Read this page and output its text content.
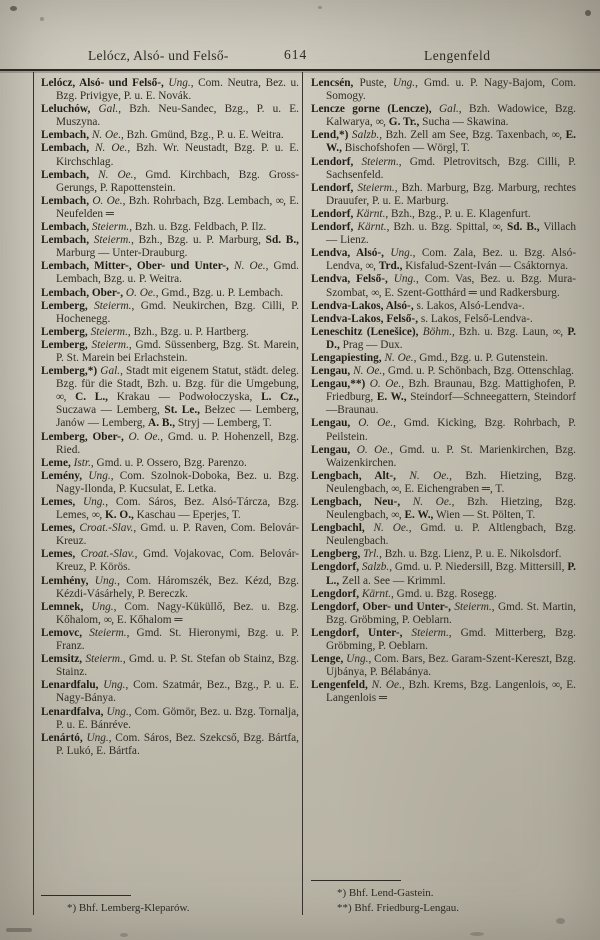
Lelócz, Alsó- und Felső-	614	Lengenfeld

Lelócz, Alsó- und Felső-, Ung., Com. Neutra, Bez. u. Bzg. Privigye, P. u. E. Novák.

Leluchów, Gal., Bzh. Neu-Sandec, Bzg., P. u. E. Muszyna.

Lembach, N. Oe., Bzh. Gmünd, Bzg., P. u. E. Weitra.

Lembach, N. Oe., Bzh. Wr. Neustadt, Bzg. P. u. E. Kirchschlag.

Lembach, N. Oe., Gmd. Kirchbach, Bzg. Gross-Gerungs, P. Rapottenstein.

Lembach, O. Oe., Bzh. Rohrbach, Bzg. Lembach, ∞, E. Neufelden ═

Lembach, Steierm., Bzh. u. Bzg. Feldbach, P. Ilz.

Lembach, Steierm., Bzh., Bzg. u. P. Marburg, Sd. B., Marburg — Unter-Drauburg.

Lembach, Mitter-, Ober- und Unter-, N. Oe., Gmd. Lembach, Bzg. u. P. Weitra.

Lembach, Ober-, O. Oe., Gmd., Bzg. u. P. Lembach.

Lemberg, Steierm., Gmd. Neukirchen, Bzg. Cilli, P. Hochenegg.

Lemberg, Steierm., Bzh., Bzg. u. P. Hartberg.

Lemberg, Steierm., Gmd. Süssenberg, Bzg. St. Marein, P. St. Marein bei Erlachstein.

Lemberg,*) Gal., Stadt mit eigenem Statut, städt. deleg. Bzg. für die Stadt, Bzh. u. Bzg. für die Umgebung, ∞, C. L., Krakau — Podwołoczyska, L. Cz., Suczawa — Lemberg, St. Le., Bełzec — Lemberg, Janów — Lemberg, A. B., Stryj — Lemberg, T.

Lemberg, Ober-, O. Oe., Gmd. u. P. Hohenzell, Bzg. Ried.

Leme, Istr., Gmd. u. P. Ossero, Bzg. Parenzo.

Lemény, Ung., Com. Szolnok-Doboka, Bez. u. Bzg. Nagy-Ilonda, P. Kucsulat, E. Letka.

Lemes, Ung., Com. Sáros, Bez. Alsó-Tárcza, Bzg. Lemes, ∞, K. O., Kaschau — Eperjes, T.

Lemes, Croat.-Slav., Gmd. u. P. Raven, Com. Belovár-Kreuz.

Lemes, Croat.-Slav., Gmd. Vojakovac, Com. Belovár-Kreuz, P. Körös.

Lemhény, Ung., Com. Háromszék, Bez. Kézd, Bzg. Kézdi-Vásárhely, P. Bereczk.

Lemnek, Ung., Com. Nagy-Küküllő, Bez. u. Bzg. Kőhalom, ∞, E. Kőhalom ═

Lemovc, Steierm., Gmd. St. Hieronymi, Bzg. u. P. Franz.

Lemsitz, Steierm., Gmd. u. P. St. Stefan ob Stainz, Bzg. Stainz.

Lenardfalu, Ung., Com. Szatmár, Bez., Bzg., P. u. E. Nagy-Bánya.

Lenardfalva, Ung., Com. Gömör, Bez. u. Bzg. Tornalja, P. u. E. Bánréve.

Lenártó, Ung., Com. Sáros, Bez. Szekcső, Bzg. Bártfa, P. Lukó, E. Bártfa.

*) Bhf. Lemberg-Kleparów.

Lencsén, Puste, Ung., Gmd. u. P. Nagy-Bajom, Com. Somogy.

Lencze gorne (Lencze), Gal., Bzh. Wadowice, Bzg. Kalwarya, ∞, G. Tr., Sucha — Skawina.

Lend,*) Salzb., Bzh. Zell am See, Bzg. Taxenbach, ∞, E. W., Bischofshofen — Wörgl, T.

Lendorf, Steierm., Gmd. Pletrovitsch, Bzg. Cilli, P. Sachsenfeld.

Lendorf, Steierm., Bzh. Marburg, Bzg. Marburg, rechtes Drauufer, P. u. E. Marburg.

Lendorf, Kärnt., Bzh., Bzg., P. u. E. Klagenfurt.

Lendorf, Kärnt., Bzh. u. Bzg. Spittal, ∞, Sd. B., Villach — Lienz.

Lendva, Alsó-, Ung., Com. Zala, Bez. u. Bzg. Alsó-Lendva, ∞, Trd., Kisfalud-Szent-Iván — Csáktornya.

Lendva, Felső-, Ung., Com. Vas, Bez. u. Bzg. Mura-Szombat, ∞, E. Szent-Gotthárd ═ und Radkersburg.

Lendva-Lakos, Alsó-, s. Lakos, Alsó-Lendva-.

Lendva-Lakos, Felső-, s. Lakos, Felső-Lendva-.

Leneschitz (Lenešice), Böhm., Bzh. u. Bzg. Laun, ∞, P. D., Prag — Dux.

Lengapiesting, N. Oe., Gmd., Bzg. u. P. Gutenstein.

Lengau, N. Oe., Gmd. u. P. Schönbach, Bzg. Ottenschlag.

Lengau,**) O. Oe., Bzh. Braunau, Bzg. Mattighofen, P. Friedburg, E. W., Steindorf—Schneegattern, Steindorf—Braunau.

Lengau, O. Oe., Gmd. Kicking, Bzg. Rohrbach, P. Peilstein.

Lengau, O. Oe., Gmd. u. P. St. Marienkirchen, Bzg. Waizenkirchen.

Lengbach, Alt-, N. Oe., Bzh. Hietzing, Bzg. Neulengbach, ∞, E. Eichengraben ═, T.

Lengbach, Neu-, N. Oe., Bzh. Hietzing, Bzg. Neulengbach, ∞, E. W., Wien — St. Pölten, T.

Lengbachl, N. Oe., Gmd. u. P. Altlengbach, Bzg. Neulengbach.

Lengberg, Trl., Bzh. u. Bzg. Lienz, P. u. E. Nikolsdorf.

Lengdorf, Salzb., Gmd. u. P. Niedersill, Bzg. Mittersill, P. L., Zell a. See — Krimml.

Lengdorf, Kärnt., Gmd. u. Bzg. Rosegg.

Lengdorf, Ober- und Unter-, Steierm., Gmd. St. Martin, Bzg. Gröbming, P. Oeblarn.

Lengdorf, Unter-, Steierm., Gmd. Mitterberg, Bzg. Gröbming, P. Oeblarn.

Lenge, Ung., Com. Bars, Bez. Garam-Szent-Kereszt, Bzg. Ujbánya, P. Bélabánya.

Lengenfeld, N. Oe., Bzh. Krems, Bzg. Langenlois, ∞, E. Langenlois ═

*) Bhf. Lend-Gastein.

**) Bhf. Friedburg-Lengau.
